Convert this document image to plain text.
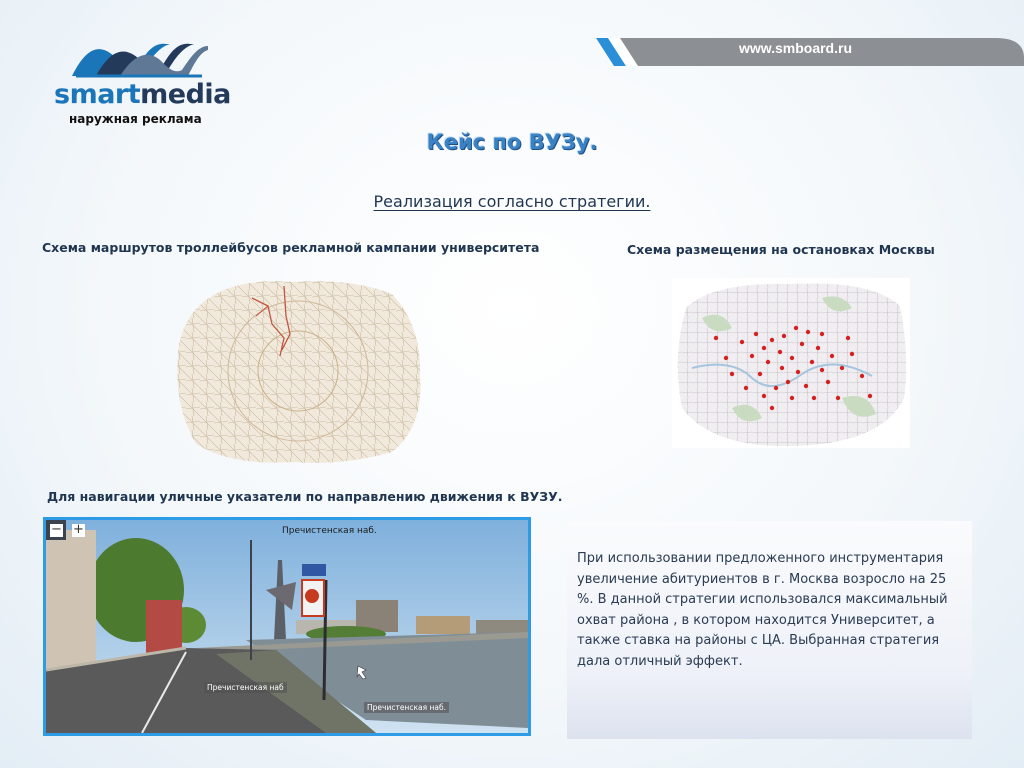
smartmedia
наружная реклама
www.smboard.ru
Кейс по ВУЗу.
Реализация согласно стратегии.
Схема маршрутов троллейбусов рекламной кампании университета	Схема размещения на остановках Москвы
Для навигации уличные указатели по направлению движения к ВУЗУ.
− +	Пречистенская наб.
Пречистенская наб
Пречистенская наб.
При использовании предложенного инструментария увеличение абитуриентов в г. Москва возросло на 25 %. В данной стратегии использовался максимальный охват района , в котором находится Университет, а также ставка на районы с ЦА. Выбранная стратегия дала отличный эффект.
